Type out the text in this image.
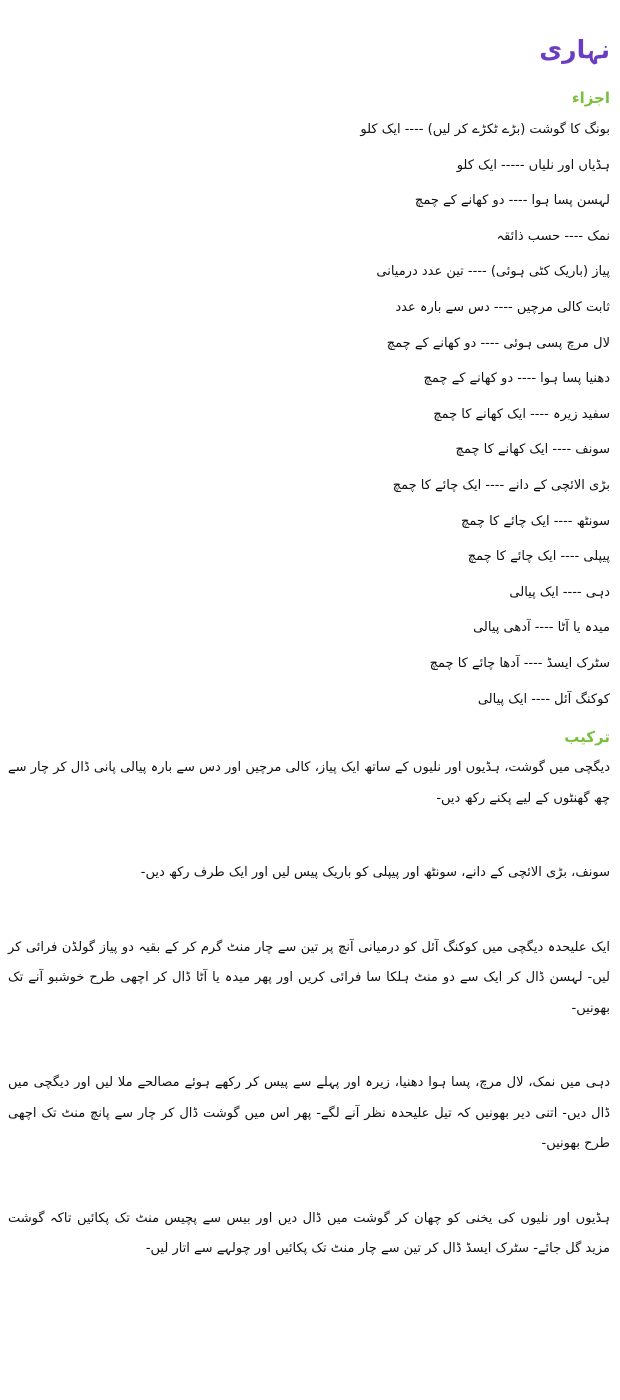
نہاری
اجزاء
بونگ کا گوشت (بڑے ٹکڑے کر لیں) ---- ایک کلو
ہڈیاں اور نلیاں ----- ایک کلو
لہسن پسا ہوا ---- دو کھانے کے چمچ
نمک ---- حسب ذائقہ
پیاز (باریک کٹی ہوئی) ---- تین عدد درمیانی
ثابت کالی مرچیں ---- دس سے بارہ عدد
لال مرچ پسی ہوئی ---- دو کھانے کے چمچ
دھنیا پسا ہوا ---- دو کھانے کے چمچ
سفید زیرہ ---- ایک کھانے کا چمچ
سونف ---- ایک کھانے کا چمچ
بڑی الائچی کے دانے ---- ایک چائے کا چمچ
سونٹھ ---- ایک چائے کا چمچ
پیپلی ---- ایک چائے کا چمچ
دہی ---- ایک پیالی
میدہ یا آٹا ---- آدھی پیالی
سٹرک ایسڈ ---- آدھا چائے کا چمچ
کوکنگ آئل ---- ایک پیالی
ترکیب

دیگچی میں گوشت، ہڈیوں اور نلیوں کے ساتھ ایک پیاز، کالی مرچیں اور دس سے بارہ پیالی پانی ڈال کر چار سے چھ گھنٹوں کے لیے پکنے رکھ دیں-

سونف، بڑی الائچی کے دانے، سونٹھ اور پیپلی کو باریک پیس لیں اور ایک طرف رکھ دیں-

ایک علیحدہ دیگچی میں کوکنگ آئل کو درمیانی آنچ پر تین سے چار منٹ گرم کر کے بقیہ دو پیاز گولڈن فرائی کر لیں- لہسن ڈال کر ایک سے دو منٹ ہلکا سا فرائی کریں اور پھر میدہ یا آٹا ڈال کر اچھی طرح خوشبو آنے تک بھونیں-

دہی میں نمک، لال مرچ، پسا ہوا دھنیا، زیرہ اور پہلے سے پیس کر رکھے ہوئے مصالحے ملا لیں اور دیگچی میں ڈال دیں- اتنی دیر بھونیں کہ تیل علیحدہ نظر آنے لگے- پھر اس میں گوشت ڈال کر چار سے پانچ منٹ تک اچھی طرح بھونیں-

ہڈیوں اور نلیوں کی یخنی کو چھان کر گوشت میں ڈال دیں اور بیس سے پچیس منٹ تک پکائیں تاکہ گوشت مزید گل جائے- سٹرک ایسڈ ڈال کر تین سے چار منٹ تک پکائیں اور چولہے سے اتار لیں-
